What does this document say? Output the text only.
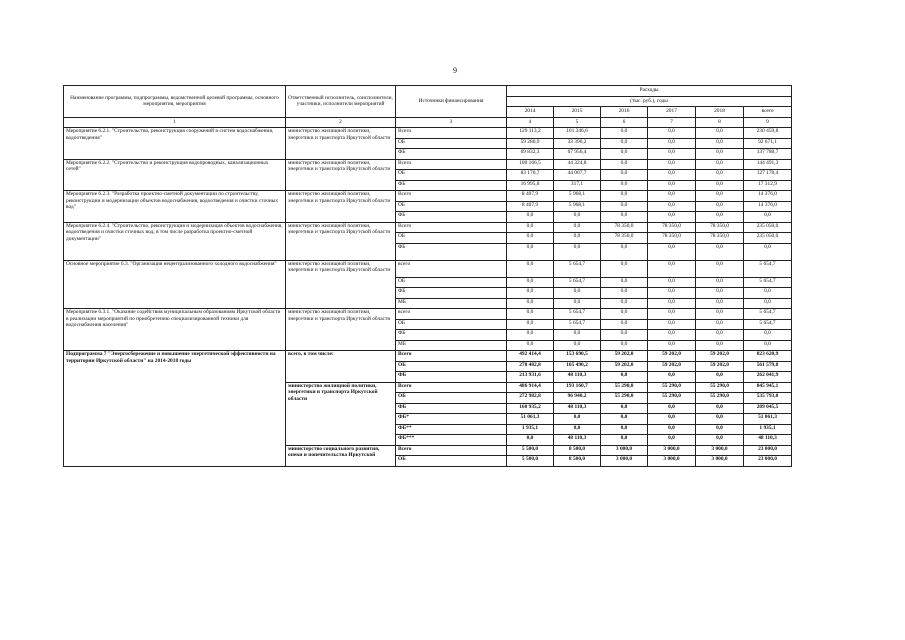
9
Наименование программы, подпрограммы, ведомственной целевой программы, основного мероприятия, мероприятия	Ответственный исполнитель, соисполнители, участники, исполнители мероприятий	Источники финансирования	Расходы					
			(тыс. руб.), годы					
			2014	2015	2016	2017	2018	всего
1	2	3	4	5	6	7	8	9
Мероприятие 6.2.1. "Строительство, реконструкция сооружений и систем водоснабжения, водоотведения"	министерство жилищной политики, энергетики и транспорта Иркутской области	Всего	129 113,2	101 346,6	0,0	0,0	0,0	230 459,8
		ОБ	59 280,9	33 390,2	0,0	0,0	0,0	92 671,1
		ФБ	69 832,3	67 956,4	0,0	0,0	0,0	137 788,7
Мероприятие 6.2.2. "Строительство и реконструкция водопроводных, канализационных сетей"	министерство жилищной политики, энергетики и транспорта Иркутской области	Всего	100 166,5	44 324,8	0,0	0,0	0,0	144 491,3
		ОБ	83 170,7	44 007,7	0,0	0,0	0,0	127 178,4
		ФБ	16 995,8	317,1	0,0	0,0	0,0	17 312,9
Мероприятие 6.2.3. "Разработка проектно-сметной документации по строительству, реконструкции и модернизации объектов водоснабжения, водоотведения и очистки сточных вод"	министерство жилищной политики, энергетики и транспорта Иркутской области	Всего	8 407,9	5 968,1	0,0	0,0	0,0	14 376,0
		ОБ	8 407,9	5 968,1	0,0	0,0	0,0	14 376,0
		ФБ	0,0	0,0	0,0	0,0	0,0	0,0
Мероприятие 6.2.4. "Строительство, реконструкция и модернизация объектов водоснабжения, водоотведения и очистки сточных вод, в том числе разработка проектно-сметной документации"	министерство жилищной политики, энергетики и транспорта Иркутской области	Всего	0,0	0,0	78 350,0	78 350,0	78 350,0	235 050,0
		ОБ	0,0	0,0	78 350,0	78 350,0	78 350,0	235 050,0
		ФБ	0,0	0,0	0,0	0,0	0,0	0,0
Основное мероприятие 6.3. "Организация нецентрализованного холодного водоснабжения"	министерство жилищной политики, энергетики и транспорта Иркутской области	всего	0,0	5 654,7	0,0	0,0	0,0	5 654,7
		ОБ	0,0	5 654,7	0,0	0,0	0,0	5 654,7
		ФБ	0,0	0,0	0,0	0,0	0,0	0,0
		МБ	0,0	0,0	0,0	0,0	0,0	0,0
Мероприятие 6.3.1. "Оказание содействия муниципальным образованиям Иркутской области в реализации мероприятий по приобретению специализированной техники для водоснабжения населения"	министерство жилищной политики, энергетики и транспорта Иркутской области	всего	0,0	5 654,7	0,0	0,0	0,0	5 654,7
		ОБ	0,0	5 654,7	0,0	0,0	0,0	5 654,7
		ФБ	0,0	0,0	0,0	0,0	0,0	0,0
		МБ	0,0	0,0	0,0	0,0	0,0	0,0
Подпрограмма 7 "Энергосбережение и повышение энергетической эффективности на территории Иркутской области" на 2014-2018 годы	всего, в том числе:	Всего	492 414,4	153 690,5	59 202,0	59 202,0	59 202,0	823 620,9
		ОБ	278 482,8	105 490,2	59 202,0	59 202,0	59 202,0	561 579,0
		ФБ	213 931,6	48 110,3	0,0	0,0	0,0	262 041,9
	министерство жилищной политики, энергетики и транспорта Иркутской области	Всего	486 914,4	193 160,7	55 290,0	55 290,0	55 290,0	845 945,1
		ОБ	272 982,8	96 940,2	55 290,0	55 290,0	55 290,0	535 793,0
		ФБ	160 935,2	48 110,3	0,0	0,0	0,0	209 045,5
		ФБ*	51 061,3	0,0	0,0	0,0	0,0	51 061,3
		ФБ**	1 935,1	0,0	0,0	0,0	0,0	1 935,1
		ФБ***	0,0	48 110,3	0,0	0,0	0,0	48 110,3
	министерство социального развития, опеки и попечительства Иркутской	Всего	5 500,0	8 500,0	3 000,0	3 000,0	3 000,0	23 000,0
		ОБ	5 500,0	8 500,0	3 000,0	3 000,0	3 000,0	23 000,0
